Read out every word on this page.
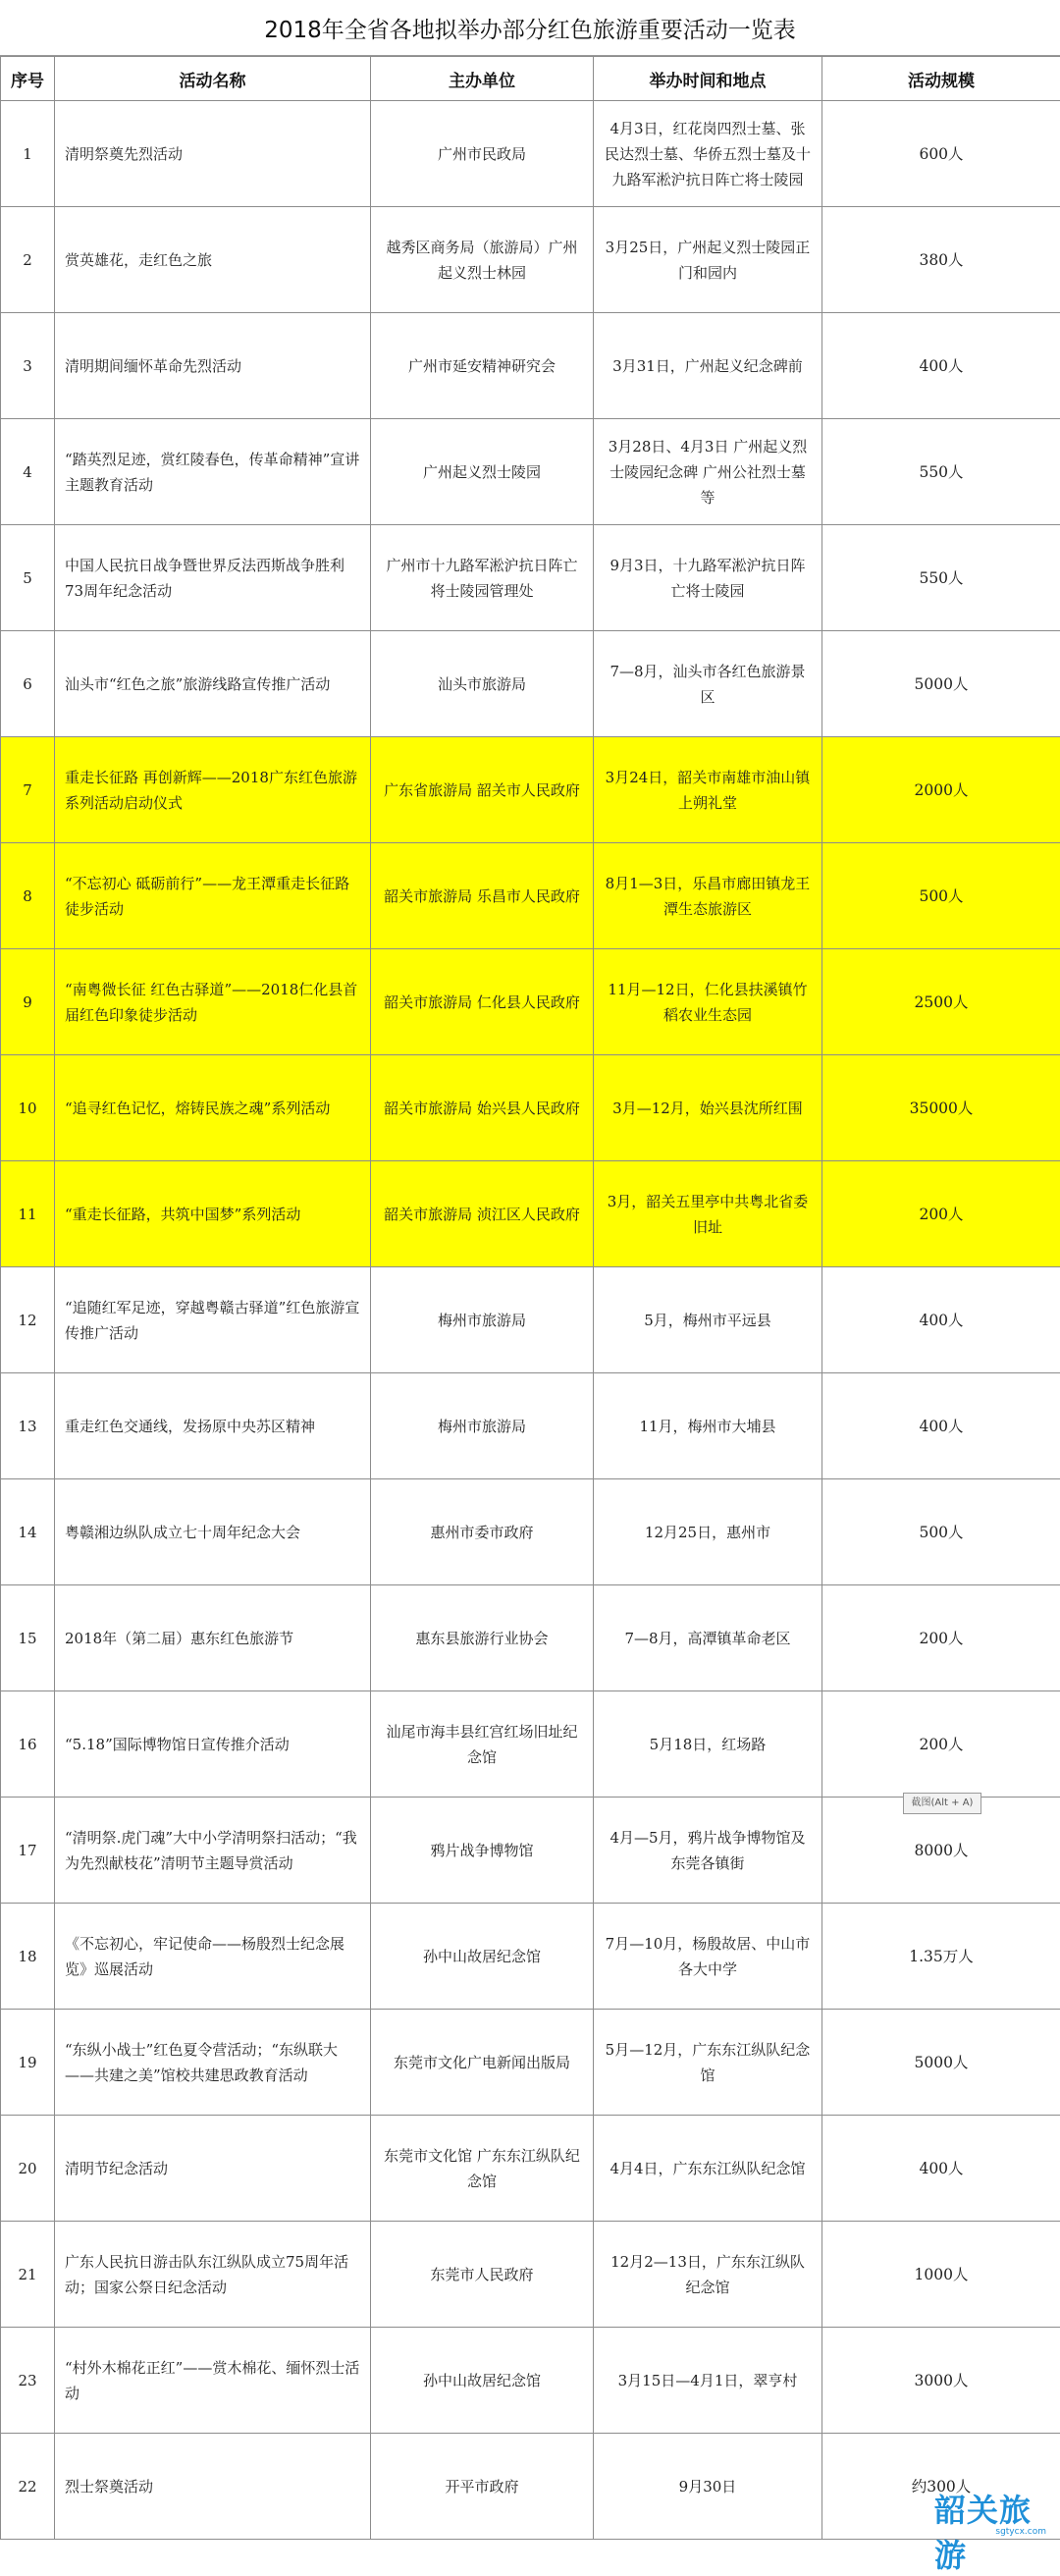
2018年全省各地拟举办部分红色旅游重要活动一览表
序号	活动名称	主办单位	举办时间和地点	活动规模
1	清明祭奠先烈活动	广州市民政局	4月3日，红花岗四烈士墓、张民达烈士墓、华侨五烈士墓及十九路军淞沪抗日阵亡将士陵园	600人
2	赏英雄花，走红色之旅	越秀区商务局（旅游局）广州起义烈士林园	3月25日，广州起义烈士陵园正门和园内	380人
3	清明期间缅怀革命先烈活动	广州市延安精神研究会	3月31日，广州起义纪念碑前	400人
4	“踏英烈足迹，赏红陵春色，传革命精神”宣讲主题教育活动	广州起义烈士陵园	3月28日、4月3日 广州起义烈士陵园纪念碑 广州公社烈士墓等	550人
5	中国人民抗日战争暨世界反法西斯战争胜利73周年纪念活动	广州市十九路军淞沪抗日阵亡将士陵园管理处	9月3日，十九路军淞沪抗日阵亡将士陵园	550人
6	汕头市“红色之旅”旅游线路宣传推广活动	汕头市旅游局	7—8月，汕头市各红色旅游景区	5000人
7	重走长征路 再创新辉——2018广东红色旅游系列活动启动仪式	广东省旅游局 韶关市人民政府	3月24日，韶关市南雄市油山镇上朔礼堂	2000人
8	“不忘初心 砥砺前行”——龙王潭重走长征路徒步活动	韶关市旅游局 乐昌市人民政府	8月1—3日，乐昌市廊田镇龙王潭生态旅游区	500人
9	“南粤微长征 红色古驿道”——2018仁化县首届红色印象徒步活动	韶关市旅游局 仁化县人民政府	11月—12日，仁化县扶溪镇竹稻农业生态园	2500人
10	“追寻红色记忆，熔铸民族之魂”系列活动	韶关市旅游局 始兴县人民政府	3月—12月，始兴县沈所红围	35000人
11	“重走长征路，共筑中国梦”系列活动	韶关市旅游局 浈江区人民政府	3月，韶关五里亭中共粤北省委旧址	200人
12	“追随红军足迹，穿越粤赣古驿道”红色旅游宣传推广活动	梅州市旅游局	5月，梅州市平远县	400人
13	重走红色交通线，发扬原中央苏区精神	梅州市旅游局	11月，梅州市大埔县	400人
14	粤赣湘边纵队成立七十周年纪念大会	惠州市委市政府	12月25日，惠州市	500人
15	2018年（第二届）惠东红色旅游节	惠东县旅游行业协会	7—8月，高潭镇革命老区	200人
16	“5.18”国际博物馆日宣传推介活动	汕尾市海丰县红宫红场旧址纪念馆	5月18日，红场路	200人
17	“清明祭.虎门魂”大中小学清明祭扫活动；“我为先烈献枝花”清明节主题导赏活动	鸦片战争博物馆	4月—5月，鸦片战争博物馆及东莞各镇街	8000人
18	《不忘初心，牢记使命——杨殷烈士纪念展览》巡展活动	孙中山故居纪念馆	7月—10月，杨殷故居、中山市各大中学	1.35万人
19	“东纵小战士”红色夏令营活动；“东纵联大——共建之美”馆校共建思政教育活动	东莞市文化广电新闻出版局	5月—12月，广东东江纵队纪念馆	5000人
20	清明节纪念活动	东莞市文化馆 广东东江纵队纪念馆	4月4日，广东东江纵队纪念馆	400人
21	广东人民抗日游击队东江纵队成立75周年活动；国家公祭日纪念活动	东莞市人民政府	12月2—13日，广东东江纵队纪念馆	1000人
23	“村外木棉花正红”——赏木棉花、缅怀烈士活动	孙中山故居纪念馆	3月15日—4月1日，翠亨村	3000人
22	烈士祭奠活动	开平市政府	9月30日	约300人
截图(Alt + A)
韶关旅游
sgtycx.com
